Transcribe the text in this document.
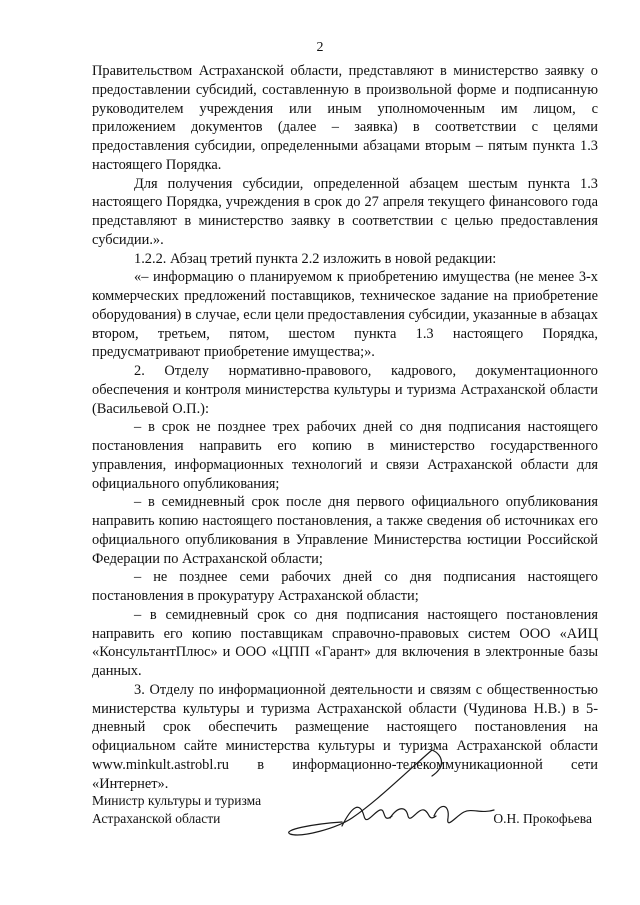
2

Правительством Астраханской области, представляют в министерство заявку о предоставлении субсидий, составленную в произвольной форме и подписанную руководителем учреждения или иным уполномоченным им лицом, с приложением документов (далее – заявка) в соответствии с целями предоставления субсидии, определенными абзацами вторым – пятым пункта 1.3 настоящего Порядка.

Для получения субсидии, определенной абзацем шестым пункта 1.3 настоящего Порядка, учреждения в срок до 27 апреля текущего финансового года представляют в министерство заявку в соответствии с целью предоставления субсидии.».

1.2.2. Абзац третий пункта 2.2 изложить в новой редакции:

«– информацию о планируемом к приобретению имущества (не менее 3-х коммерческих предложений поставщиков, техническое задание на приобретение оборудования) в случае, если цели предоставления субсидии, указанные в абзацах втором, третьем, пятом, шестом пункта 1.3 настоящего Порядка, предусматривают приобретение имущества;».

2. Отделу нормативно-правового, кадрового, документационного обеспечения и контроля министерства культуры и туризма Астраханской области (Васильевой О.П.):

– в срок не позднее трех рабочих дней со дня подписания настоящего постановления направить его копию в министерство государственного управления, информационных технологий и связи Астраханской области для официального опубликования;

– в семидневный срок после дня первого официального опубликования направить копию настоящего постановления, а также сведения об источниках его официального опубликования в Управление Министерства юстиции Российской Федерации по Астраханской области;

– не позднее семи рабочих дней со дня подписания настоящего постановления в прокуратуру Астраханской области;

– в семидневный срок со дня подписания настоящего постановления направить его копию поставщикам справочно-правовых систем ООО «АИЦ «КонсультантПлюс» и ООО «ЦПП «Гарант» для включения в электронные базы данных.

3. Отделу по информационной деятельности и связям с общественностью министерства культуры и туризма Астраханской области (Чудинова Н.В.) в 5-дневный срок обеспечить размещение настоящего постановления на официальном сайте министерства культуры и туризма Астраханской области www.minkult.astrobl.ru в информационно-телекоммуникационной сети «Интернет».

Министр культуры и туризма
Астраханской области	О.Н. Прокофьева
